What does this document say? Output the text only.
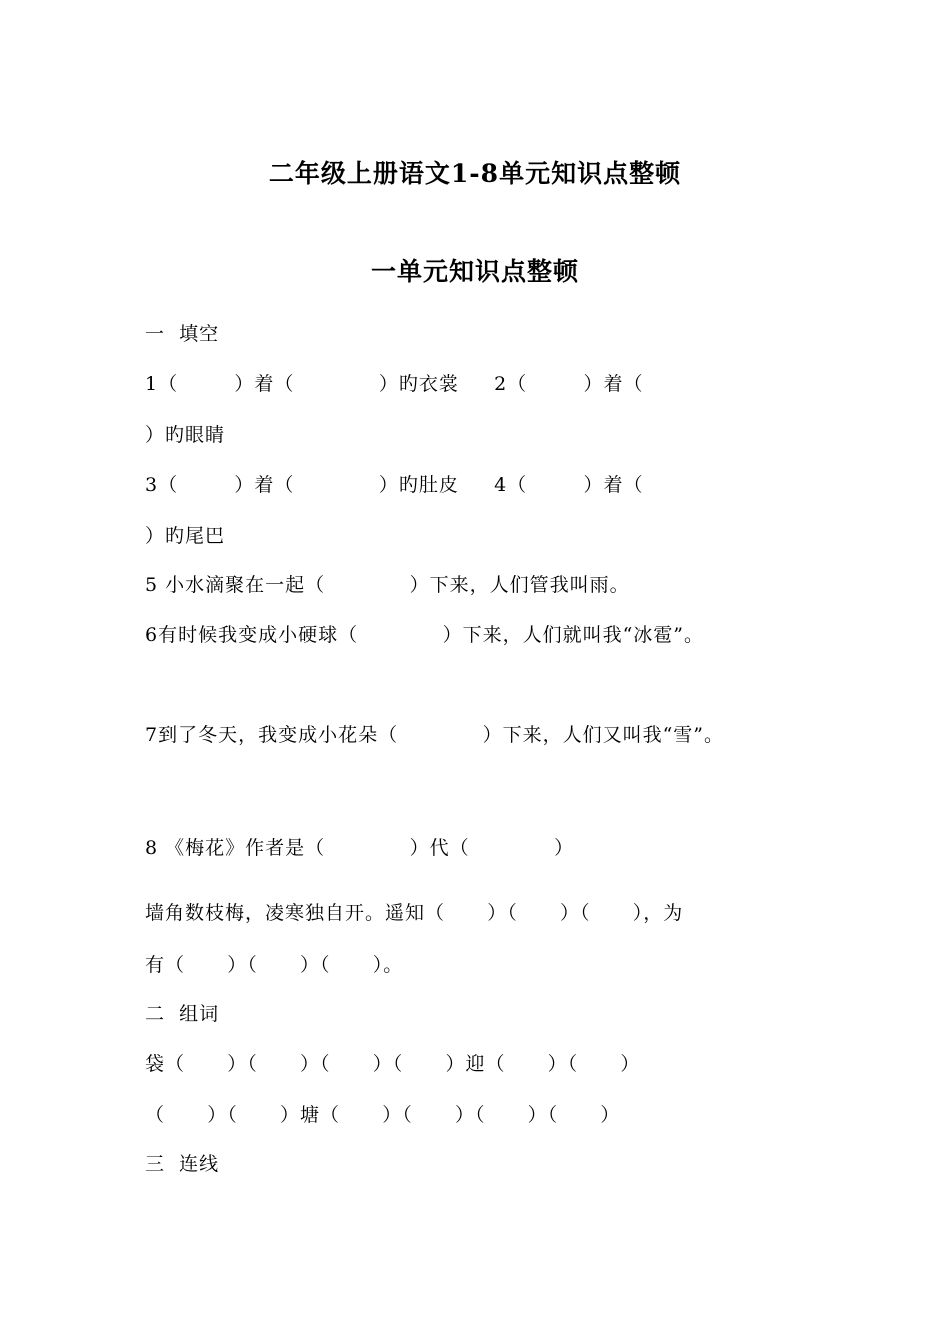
二年级上册语文1-8单元知识点整顿
一单元知识点整顿
一  填空
1（        ）着（            ）旳衣裳     2（        ）着（
）旳眼睛
3（        ）着（            ）旳肚皮     4（        ）着（
）旳尾巴
5 小水滴聚在一起（            ）下来，人们管我叫雨。
6有时候我变成小硬球（            ）下来，人们就叫我“冰雹”。
7到了冬天，我变成小花朵（            ）下来，人们又叫我“雪”。
8 《梅花》作者是（            ）代（            ）
墙角数枝梅，凌寒独自开。遥知（      ）（      ）（      ），为
有（      ）（      ）（      ）。
二  组词
袋（      ）（      ）（      ）（      ）迎（      ）（      ）
（      ）（      ）塘（      ）（      ）（      ）（      ）
三  连线
